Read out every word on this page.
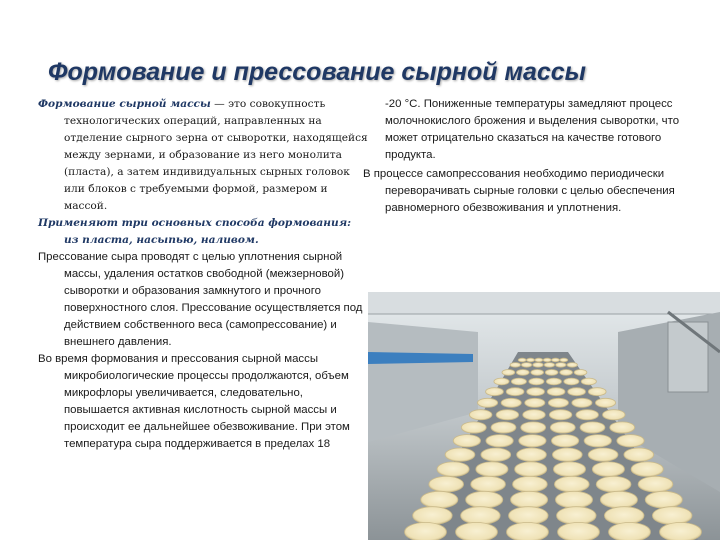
Формование и прессование сырной массы

Формование сырной массы — это совокупность технологических операций, направленных на отделение сырного зерна от сыворотки, находящейся между зернами, и образование из него монолита (пласта), а затем индивидуальных сырных головок или блоков с требуемыми формой, размером и массой.

Применяют три основных способа формования: из пласта, насыпью, наливом.

Прессование сыра проводят с целью уплотнения сырной массы, удаления остатков свободной (межзерновой) сыворотки и образования замкнутого и прочного поверхностного слоя. Прессование осуществляется под действием собственного веса (самопрессование) и внешнего давления.

Во время формования и прессования сырной массы микробиологические процессы продолжаются, объем микрофлоры увеличивается, следовательно, повышается активная кислотность сырной массы и происходит ее дальнейшее обезвоживание. При этом температура сыра поддерживается в пределах 18

-20 °С. Пониженные температуры замедляют процесс молочнокислого брожения и выделения сыворотки, что может отрицательно сказаться на качестве готового продукта.

В процессе самопрессования необходимо периодически переворачивать сырные головки с целью обеспечения равномерного обезвоживания и уплотнения.
